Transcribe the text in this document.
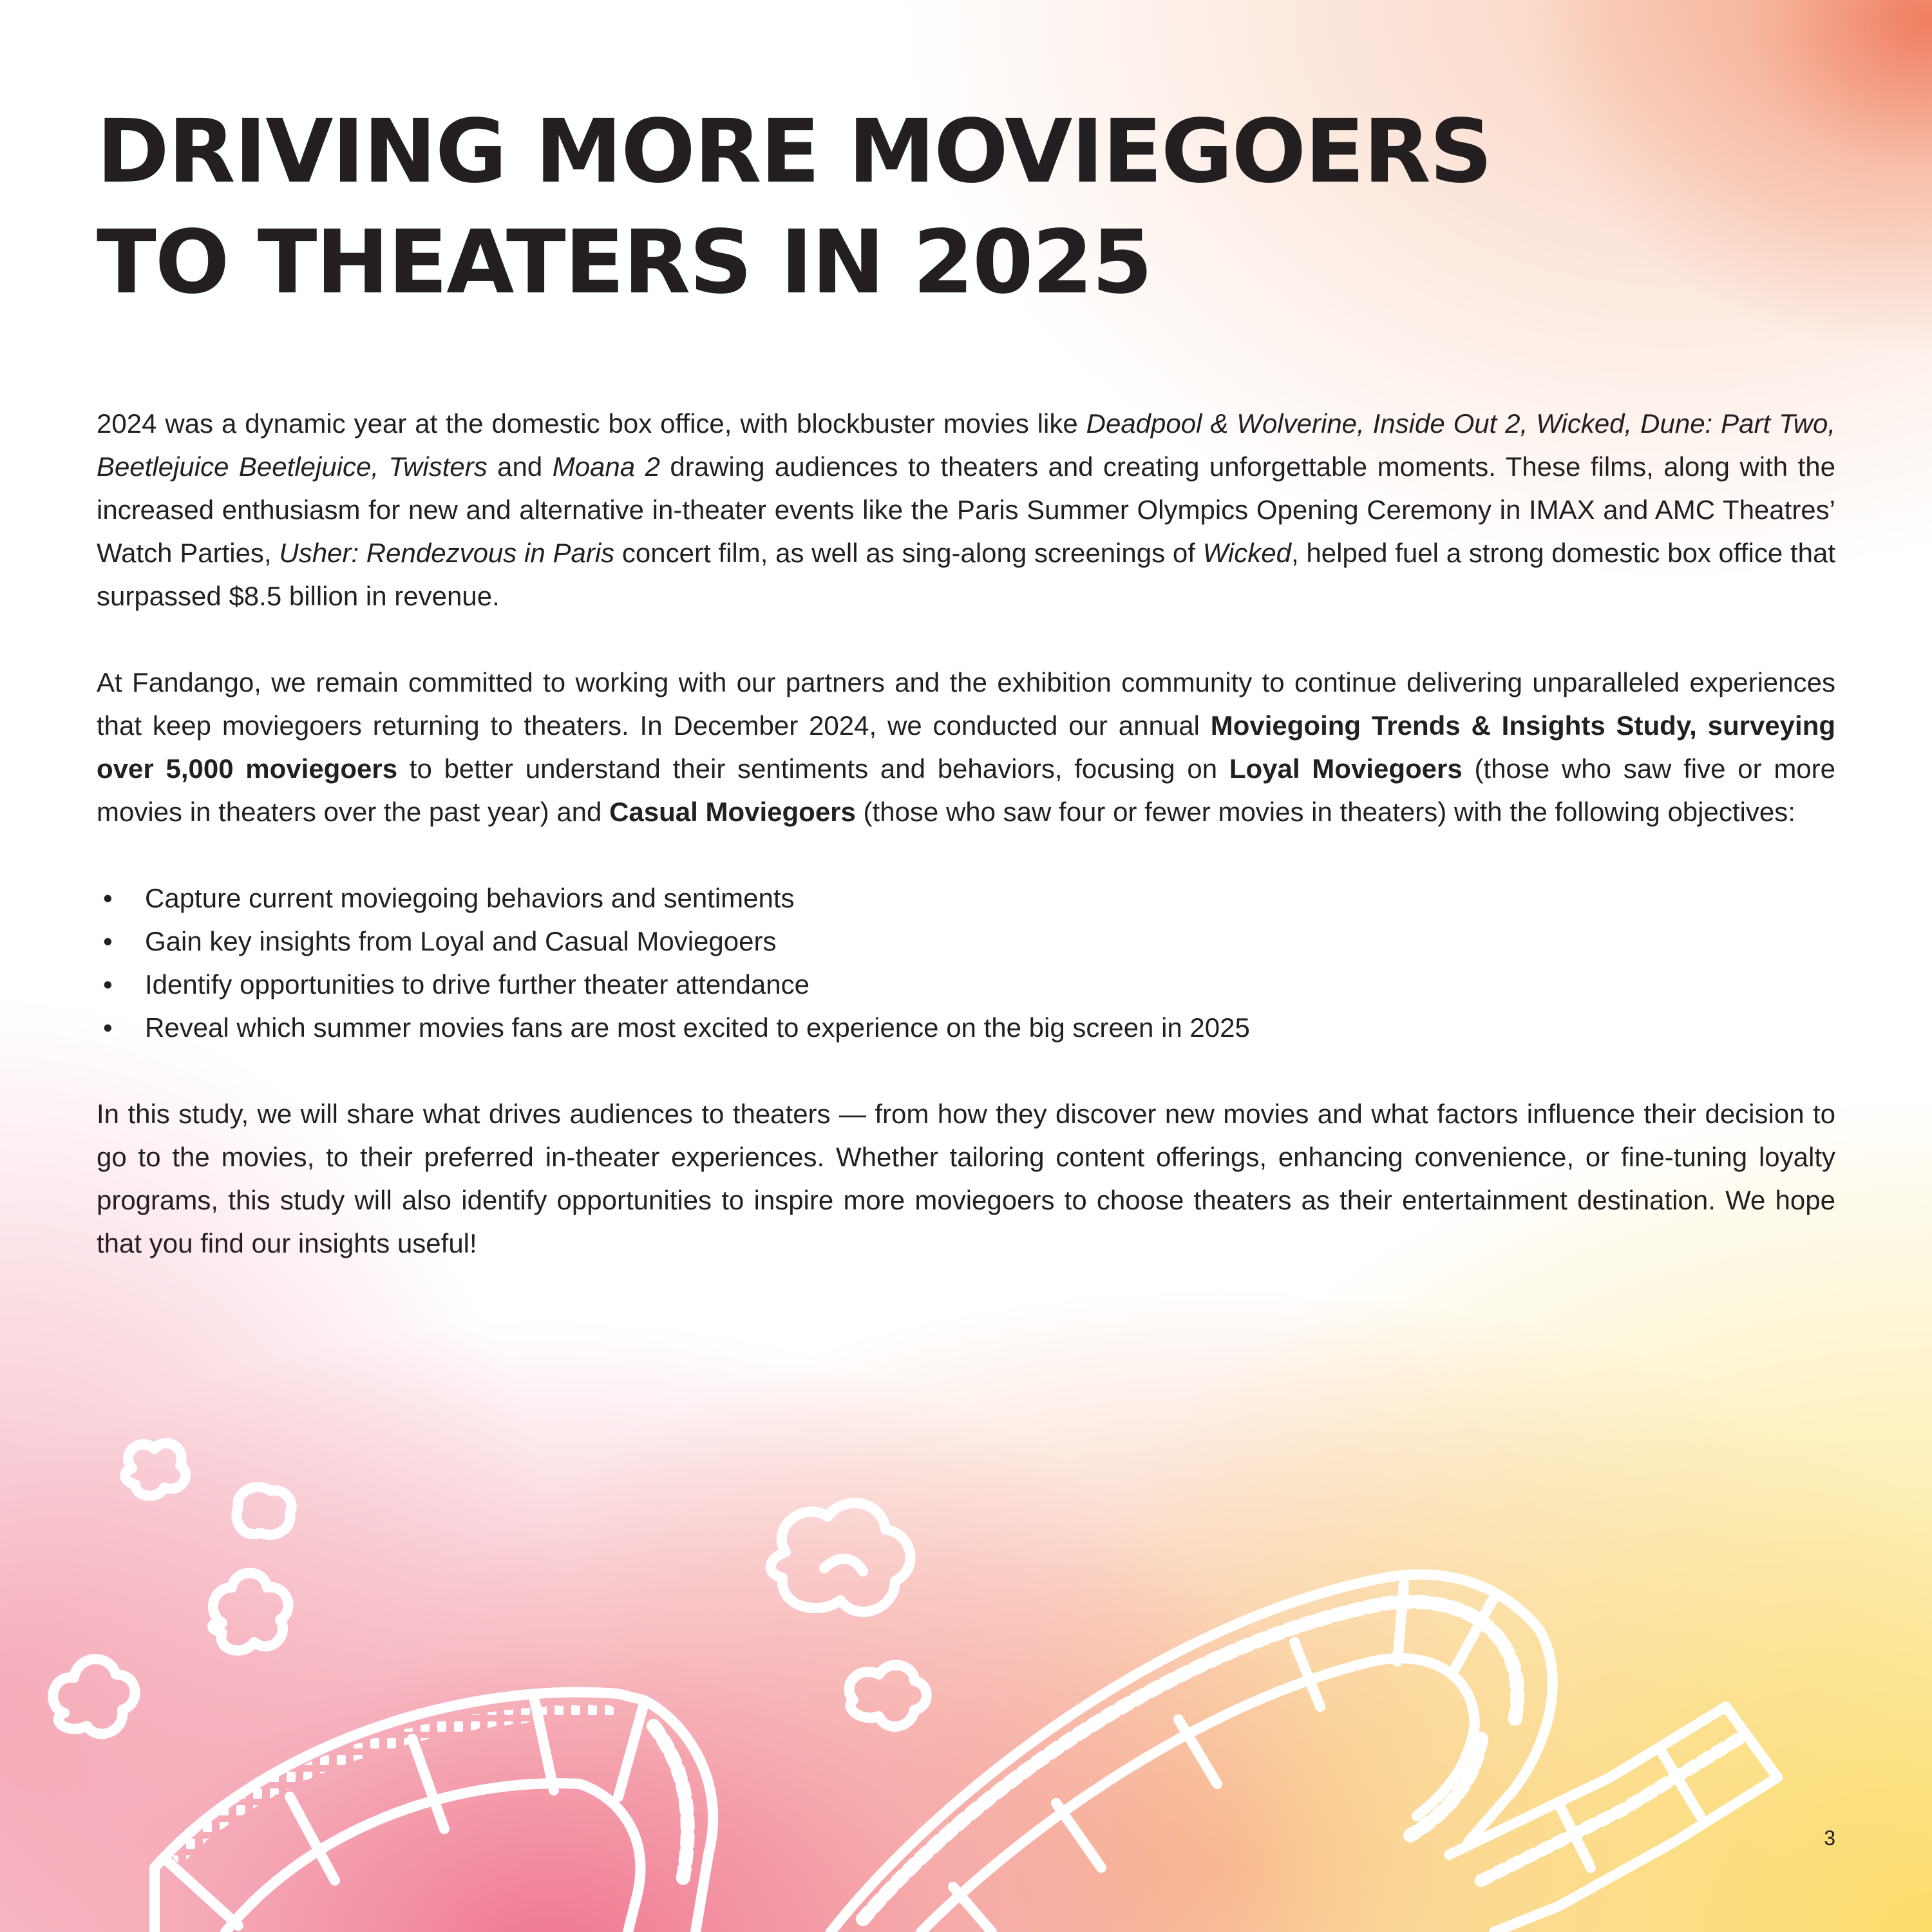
DRIVING MORE MOVIEGOERS
TO THEATERS IN 2025

2024 was a dynamic year at the domestic box office, with blockbuster movies like Deadpool & Wolverine, Inside Out 2, Wicked, Dune: Part Two, Beetlejuice Beetlejuice, Twisters and Moana 2 drawing audiences to theaters and creating unforgettable moments. These films, along with the increased enthusiasm for new and alternative in-theater events like the Paris Summer Olympics Opening Ceremony in IMAX and AMC Theatres’ Watch Parties, Usher: Rendezvous in Paris concert film, as well as sing-along screenings of Wicked, helped fuel a strong domestic box office that surpassed $8.5 billion in revenue.

At Fandango, we remain committed to working with our partners and the exhibition community to continue delivering unparalleled experiences that keep moviegoers returning to theaters. In December 2024, we conducted our annual Moviegoing Trends & Insights Study, surveying over 5,000 moviegoers to better understand their sentiments and behaviors, focusing on Loyal Moviegoers (those who saw five or more movies in theaters over the past year) and Casual Moviegoers (those who saw four or fewer movies in theaters) with the following objectives:

• Capture current moviegoing behaviors and sentiments
• Gain key insights from Loyal and Casual Moviegoers
• Identify opportunities to drive further theater attendance
• Reveal which summer movies fans are most excited to experience on the big screen in 2025

In this study, we will share what drives audiences to theaters — from how they discover new movies and what factors influence their decision to go to the movies, to their preferred in-theater experiences. Whether tailoring content offerings, enhancing convenience, or fine-tuning loyalty programs, this study will also identify opportunities to inspire more moviegoers to choose theaters as their entertainment destination. We hope that you find our insights useful!

3
